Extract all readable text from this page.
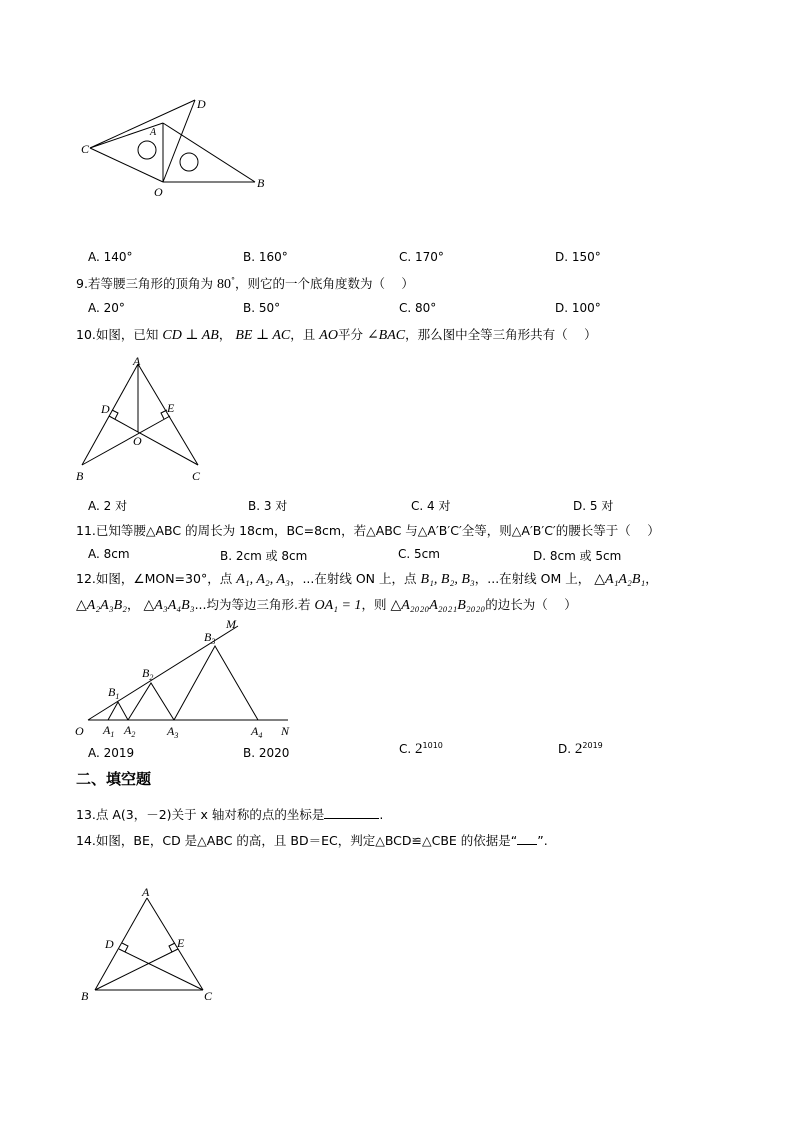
D
A
C
O
B
A. 140°	B. 160°	C. 170°	D. 150°
9.若等腰三角形的顶角为 80°，则它的一个底角度数为（　 ）
A. 20°	B. 50°	C. 80°	D. 100°
10.如图，已知 CD ⊥ AB， BE ⊥ AC，且 AO平分 ∠BAC，那么图中全等三角形共有（　 ）
A
D	E
O
B	C
A. 2 对	B. 3 对	C. 4 对	D. 5 对
11.已知等腰△ABC 的周长为 18cm，BC=8cm，若△ABC 与△A′B′C′全等，则△A′B′C′的腰长等于（　 ）
A. 8cm	B. 2cm 或 8cm	C. 5cm	D. 8cm 或 5cm
12.如图，∠MON=30°，点 A₁, A₂, A₃，...在射线 ON 上，点 B₁, B₂, B₃，...在射线 OM 上， △A₁A₂B₁，
△A₂A₃B₂， △A₃A₄B₃...均为等边三角形.若 OA₁ = 1，则 △A₂₀₂₀A₂₀₂₁B₂₀₂₀的边长为（　 ）
M
O	N
$B_3$
$B_2$
$B_1$
$A_1$ $A_2$	$A_3$	$A_4$
A. 2019	B. 2020	C. $2^{1010}$	D. $2^{2019}$
二、填空题
13.点 A(3，－2)关于 x 轴对称的点的坐标是	.
14.如图，BE，CD 是△ABC 的高，且 BD＝EC，判定△BCD≌△CBE 的依据是“ ”.
A
D	E
B	C
